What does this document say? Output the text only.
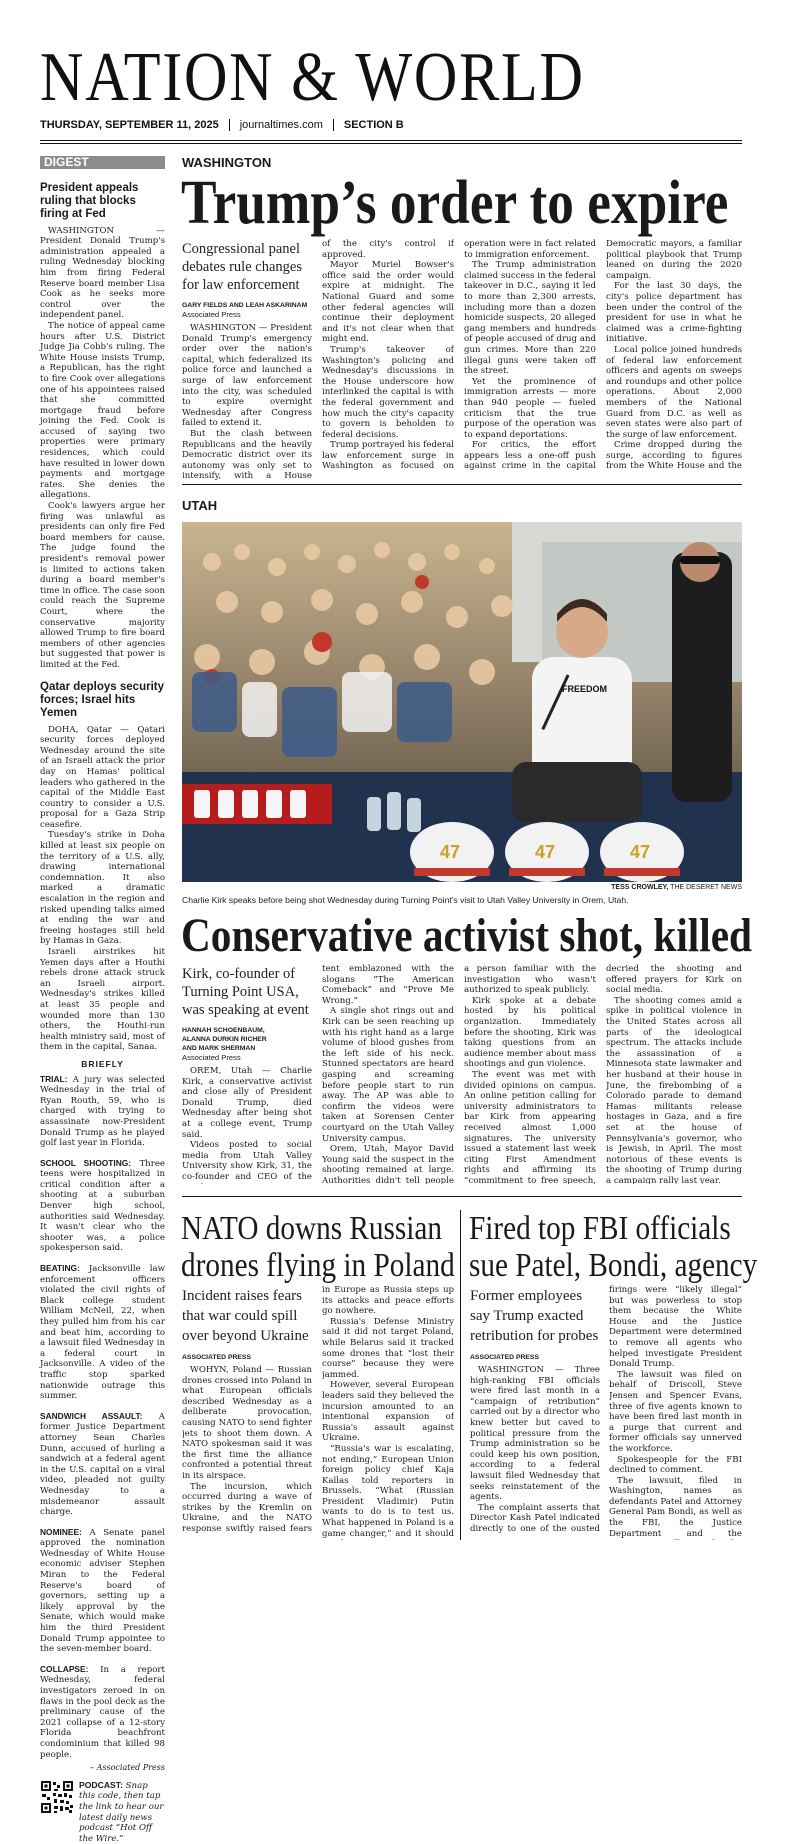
NATION & WORLD
THURSDAY, SEPTEMBER 11, 2025 journaltimes.com SECTION B
DIGEST
President appeals ruling that blocks firing at Fed

WASHINGTON — President Donald Trump's administration appealed a ruling Wednesday blocking him from firing Federal Reserve board member Lisa Cook as he seeks more control over the independent panel.

The notice of appeal came hours after U.S. District Judge Jia Cobb's ruling. The White House insists Trump, a Republican, has the right to fire Cook over allegations one of his appointees raised that she committed mortgage fraud before joining the Fed. Cook is accused of saying two properties were primary residences, which could have resulted in lower down payments and mortgage rates. She denies the allegations.

Cook's lawyers argue her firing was unlawful as presidents can only fire Fed board members for cause. The judge found the president's removal power is limited to actions taken during a board member's time in office. The case soon could reach the Supreme Court, where the conservative majority allowed Trump to fire board members of other agencies but suggested that power is limited at the Fed.

Qatar deploys security forces; Israel hits Yemen

DOHA, Qatar — Qatari security forces deployed Wednesday around the site of an Israeli attack the prior day on Hamas' political leaders who gathered in the capital of the Middle East country to consider a U.S. proposal for a Gaza Strip ceasefire.

Tuesday's strike in Doha killed at least six people on the territory of a U.S. ally, drawing international condemnation. It also marked a dramatic escalation in the region and risked upending talks aimed at ending the war and freeing hostages still held by Hamas in Gaza.

Israeli airstrikes hit Yemen days after a Houthi rebels drone attack struck an Israeli airport. Wednesday's strikes killed at least 35 people and wounded more than 130 others, the Houthi-run health ministry said, most of them in the capital, Sanaa.

BRIEFLY

TRIAL: A jury was selected Wednesday in the trial of Ryan Routh, 59, who is charged with trying to assassinate now-President Donald Trump as he played golf last year in Florida.

SCHOOL SHOOTING: Three teens were hospitalized in critical condition after a shooting at a suburban Denver high school, authorities said Wednesday. It wasn't clear who the shooter was, a police spokesperson said.

BEATING: Jacksonville law enforcement officers violated the civil rights of Black college student William McNeil, 22, when they pulled him from his car and beat him, according to a lawsuit filed Wednesday in a federal court in Jacksonville. A video of the traffic stop sparked nationwide outrage this summer.

SANDWICH ASSAULT: A former Justice Department attorney Sean Charles Dunn, accused of hurling a sandwich at a federal agent in the U.S. capital on a viral video, pleaded not guilty Wednesday to a misdemeanor assault charge.

NOMINEE: A Senate panel approved the nomination Wednesday of White House economic adviser Stephen Miran to the Federal Reserve's board of governors, setting up a likely approval by the Senate, which would make him the third President Donald Trump appointee to the seven-member board.

COLLAPSE: In a report Wednesday, federal investigators zeroed in on flaws in the pool deck as the preliminary cause of the 2021 collapse of a 12-story Florida beachfront condominium that killed 98 people.

– Associated Press
PODCAST: Snap this code, then tap the link to hear our latest daily news podcast “Hot Off the Wire.”
WASHINGTON
Trump’s order to expire
Congressional panel debates rule changes for law enforcement
GARY FIELDS AND LEAH ASKARINAM
Associated Press

WASHINGTON — President Donald Trump's emergency order over the nation's capital, which federalized its police force and launched a surge of law enforcement into the city, was scheduled to expire overnight Wednesday after Congress failed to extend it.

But the clash between Republicans and the heavily Democratic district over its autonomy was only set to intensify, with a House

of the city's control if approved.

Mayor Muriel Bowser's office said the order would expire at midnight. The National Guard and some other federal agencies will continue their deployment and it's not clear when that might end.

Trump's takeover of Washington's policing and Wednesday's discussions in the House underscore how interlinked the capital is with the federal government and how much the city's capacity to govern is beholden to federal decisions.

Trump portrayed his federal law enforcement surge in Washington as focused on

operation were in fact related to immigration enforcement.

The Trump administration claimed success in the federal takeover in D.C., saying it led to more than 2,300 arrests, including more than a dozen homicide suspects, 20 alleged gang members and hundreds of people accused of drug and gun crimes. More than 220 illegal guns were taken off the street.

Yet the prominence of immigration arrests — more than 940 people — fueled criticism that the true purpose of the operation was to expand deportations.

For critics, the effort appears less a one-off push against crime in the capital

Democratic mayors, a familiar political playbook that Trump leaned on during the 2020 campaign.

For the last 30 days, the city's police department has been under the control of the president for use in what he claimed was a crime-fighting initiative.

Local police joined hundreds of federal law enforcement officers and agents on sweeps and roundups and other police operations. About 2,000 members of the National Guard from D.C. as well as seven states were also part of the surge of law enforcement.

Crime dropped during the surge, according to figures from the White House and the

UTAH
FREEDOM
47	47	47
TESS CROWLEY, THE DESERET NEWS
Charlie Kirk speaks before being shot Wednesday during Turning Point's visit to Utah Valley University in Orem, Utah.
Conservative activist shot, killed
Kirk, co-founder of Turning Point USA, was speaking at event
HANNAH SCHOENBAUM,
ALANNA DURKIN RICHER
AND MARK SHERMAN
Associated Press

OREM, Utah — Charlie Kirk, a conservative activist and close ally of President Donald Trump, died Wednesday after being shot at a college event, Trump said.

Videos posted to social media from Utah Valley University show Kirk, 31, the co-founder and CEO of the

tent emblazoned with the slogans “The American Comeback” and “Prove Me Wrong.”

A single shot rings out and Kirk can be seen reaching up with his right hand as a large volume of blood gushes from the left side of his neck. Stunned spectators are heard gasping and screaming before people start to run away. The AP was able to confirm the videos were taken at Sorensen Center courtyard on the Utah Valley University campus.

Orem, Utah, Mayor David Young said the suspect in the shooting remained at large. Authorities didn't tell people

a person familiar with the investigation who wasn't authorized to speak publicly.

Kirk spoke at a debate hosted by his political organization. Immediately before the shooting, Kirk was taking questions from an audience member about mass shootings and gun violence.

The event was met with divided opinions on campus. An online petition calling for university administrators to bar Kirk from appearing received almost 1,000 signatures. The university issued a statement last week citing First Amendment rights and affirming its “commitment to free speech,

decried the shooting and offered prayers for Kirk on social media.

The shooting comes amid a spike in political violence in the United States across all parts of the ideological spectrum. The attacks include the assassination of a Minnesota state lawmaker and her husband at their house in June, the firebombing of a Colorado parade to demand Hamas militants release hostages in Gaza, and a fire set at the house of Pennsylvania's governor, who is Jewish, in April. The most notorious of these events is the shooting of Trump during a campaign rally last year.

NATO downs Russian
drones flying in Poland
Incident raises fears that war could spill over beyond Ukraine
ASSOCIATED PRESS

WOHYN, Poland — Russian drones crossed into Poland in what European officials described Wednesday as a deliberate provocation, causing NATO to send fighter jets to shoot them down. A NATO spokesman said it was the first time the alliance confronted a potential threat in its airspace.

The incursion, which occurred during a wave of strikes by the Kremlin on Ukraine, and the NATO response swiftly raised fears

in Europe as Russia steps up its attacks and peace efforts go nowhere.

Russia's Defense Ministry said it did not target Poland, while Belarus said it tracked some drones that “lost their course” because they were jammed.

However, several European leaders said they believed the incursion amounted to an intentional expansion of Russia's assault against Ukraine.

“Russia's war is escalating, not ending,” European Union foreign policy chief Kaja Kallas told reporters in Brussels. “What (Russian President Vladimir) Putin wants to do is to test us. What happened in Poland is a game changer,” and it should

Fired top FBI officials
sue Patel, Bondi, agency
Former employees say Trump exacted retribution for probes
ASSOCIATED PRESS

WASHINGTON — Three high-ranking FBI officials were fired last month in a “campaign of retribution” carried out by a director who knew better but caved to political pressure from the Trump administration so he could keep his own position, according to a federal lawsuit filed Wednesday that seeks reinstatement of the agents.

The complaint asserts that Director Kash Patel indicated directly to one of the ousted

firings were “likely illegal” but was powerless to stop them because the White House and the Justice Department were determined to remove all agents who helped investigate President Donald Trump.

The lawsuit was filed on behalf of Driscoll, Steve Jensen and Spencer Evans, three of five agents known to have been fired last month in a purge that current and former officials say unnerved the workforce.

Spokespeople for the FBI declined to comment.

The lawsuit, filed in Washington, names as defendants Patel and Attorney General Pam Bondi, as well as the FBI, the Justice Department and the
